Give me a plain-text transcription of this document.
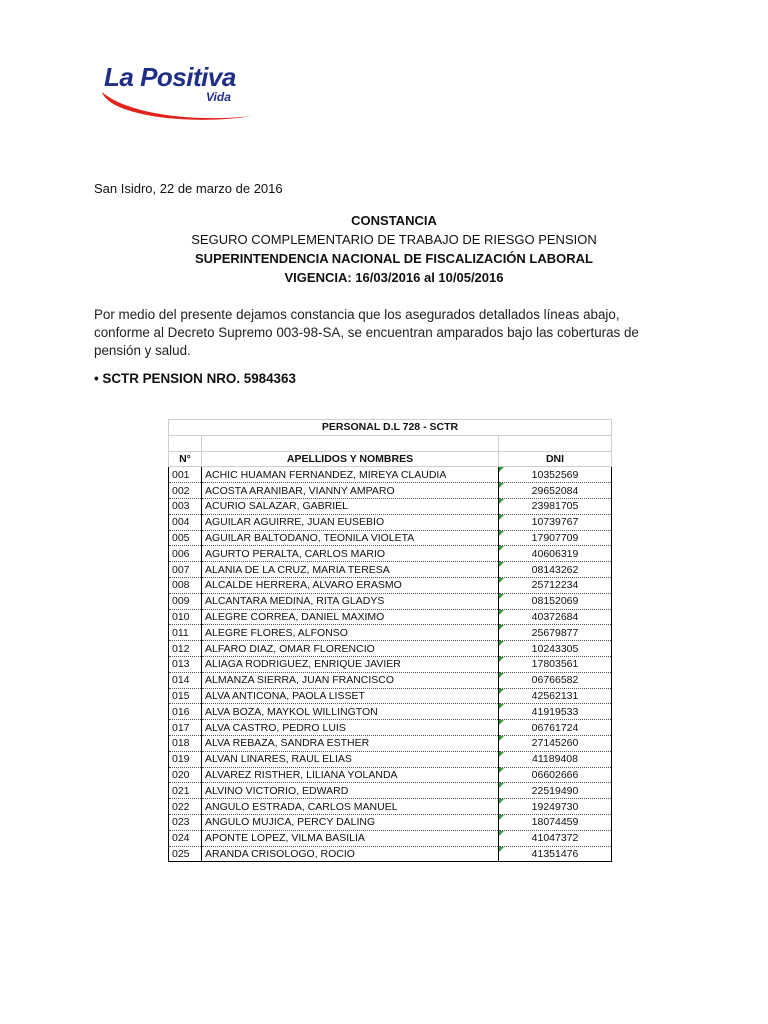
La Positiva
Vida
San Isidro, 22 de marzo de 2016
CONSTANCIA
SEGURO COMPLEMENTARIO DE TRABAJO DE RIESGO PENSION
SUPERINTENDENCIA NACIONAL DE FISCALIZACIÓN LABORAL
VIGENCIA: 16/03/2016 al 10/05/2016
Por medio del presente dejamos constancia que los asegurados detallados líneas abajo, conforme al Decreto Supremo 003-98-SA, se encuentran amparados bajo las coberturas de pensión y salud.
• SCTR PENSION NRO. 5984363
PERSONAL D.L 728 - SCTR		

N°	APELLIDOS Y NOMBRES	DNI
001	ACHIC HUAMAN FERNANDEZ, MIREYA CLAUDIA	10352569
002	ACOSTA ARANIBAR, VIANNY AMPARO	29652084
003	ACURIO SALAZAR, GABRIEL	23981705
004	AGUILAR AGUIRRE, JUAN EUSEBIO	10739767
005	AGUILAR BALTODANO, TEONILA VIOLETA	17907709
006	AGURTO PERALTA, CARLOS MARIO	40606319
007	ALANIA DE LA CRUZ, MARIA TERESA	08143262
008	ALCALDE HERRERA, ALVARO ERASMO	25712234
009	ALCANTARA MEDINA, RITA GLADYS	08152069
010	ALEGRE CORREA, DANIEL MAXIMO	40372684
011	ALEGRE FLORES, ALFONSO	25679877
012	ALFARO DIAZ, OMAR FLORENCIO	10243305
013	ALIAGA RODRIGUEZ, ENRIQUE JAVIER	17803561
014	ALMANZA SIERRA, JUAN FRANCISCO	06766582
015	ALVA ANTICONA, PAOLA LISSET	42562131
016	ALVA BOZA, MAYKOL WILLINGTON	41919533
017	ALVA CASTRO, PEDRO LUIS	06761724
018	ALVA REBAZA, SANDRA ESTHER	27145260
019	ALVAN LINARES, RAUL ELIAS	41189408
020	ALVAREZ RISTHER, LILIANA YOLANDA	06602666
021	ALVINO VICTORIO, EDWARD	22519490
022	ANGULO ESTRADA, CARLOS MANUEL	19249730
023	ANGULO MUJICA, PERCY DALING	18074459
024	APONTE LOPEZ, VILMA BASILIA	41047372
025	ARANDA CRISOLOGO, ROCIO	41351476
